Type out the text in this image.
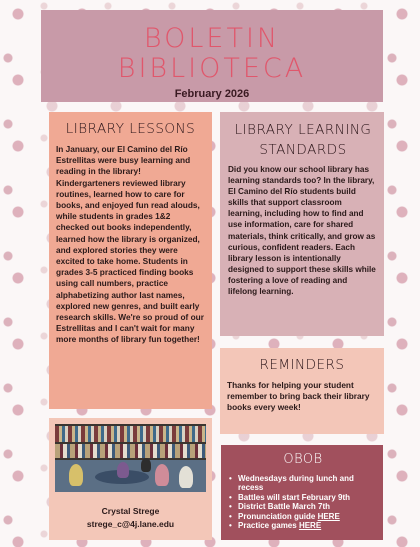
BOLETIN
BIBLIOTECA
February 2026
LIBRARY LESSONS
In January, our El Camino del Río Estrellitas were busy learning and reading in the library! Kindergarteners reviewed library routines, learned how to care for books, and enjoyed fun read alouds, while students in grades 1&2 checked out books independently, learned how the library is organized, and explored stories they were excited to take home. Students in grades 3-5 practiced finding books using call numbers, practice alphabetizing author last names, explored new genres, and built early research skills. We're so proud of our Estrellitas and I can't wait for many more months of library fun together!
LIBRARY LEARNING STANDARDS
Did you know our school library has learning standards too? In the library, El Camino del Río students build skills that support classroom learning, including how to find and use information, care for shared materials, think critically, and grow as curious, confident readers. Each library lesson is intentionally designed to support these skills while fostering a love of reading and lifelong learning.
REMINDERS
Thanks for helping your student remember to bring back their library books every week!
Crystal Strege
strege_c@4j.lane.edu
OBOB
• Wednesdays during lunch and recess
• Battles will start February 9th
• District Battle March 7th
• Pronunciation guide HERE
• Practice games HERE
